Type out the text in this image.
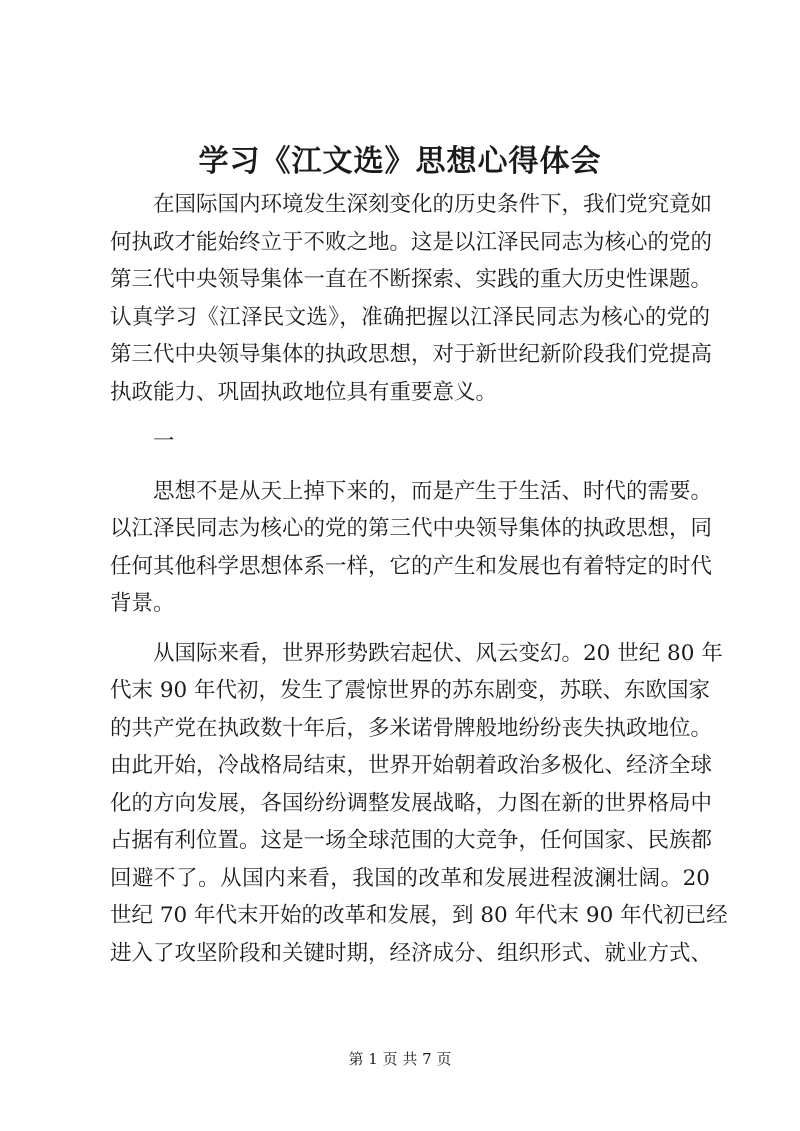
学习《江文选》思想心得体会
在国际国内环境发生深刻变化的历史条件下，我们党究竟如
何执政才能始终立于不败之地。这是以江泽民同志为核心的党的
第三代中央领导集体一直在不断探索、实践的重大历史性课题。
认真学习《江泽民文选》，准确把握以江泽民同志为核心的党的
第三代中央领导集体的执政思想，对于新世纪新阶段我们党提高
执政能力、巩固执政地位具有重要意义。
一
思想不是从天上掉下来的，而是产生于生活、时代的需要。
以江泽民同志为核心的党的第三代中央领导集体的执政思想，同
任何其他科学思想体系一样，它的产生和发展也有着特定的时代
背景。
从国际来看，世界形势跌宕起伏、风云变幻。20 世纪 80 年
代末 90 年代初，发生了震惊世界的苏东剧变，苏联、东欧国家
的共产党在执政数十年后，多米诺骨牌般地纷纷丧失执政地位。
由此开始，冷战格局结束，世界开始朝着政治多极化、经济全球
化的方向发展，各国纷纷调整发展战略，力图在新的世界格局中
占据有利位置。这是一场全球范围的大竞争，任何国家、民族都
回避不了。从国内来看，我国的改革和发展进程波澜壮阔。20
世纪 70 年代末开始的改革和发展，到 80 年代末 90 年代初已经
进入了攻坚阶段和关键时期，经济成分、组织形式、就业方式、
第 1 页 共 7 页
